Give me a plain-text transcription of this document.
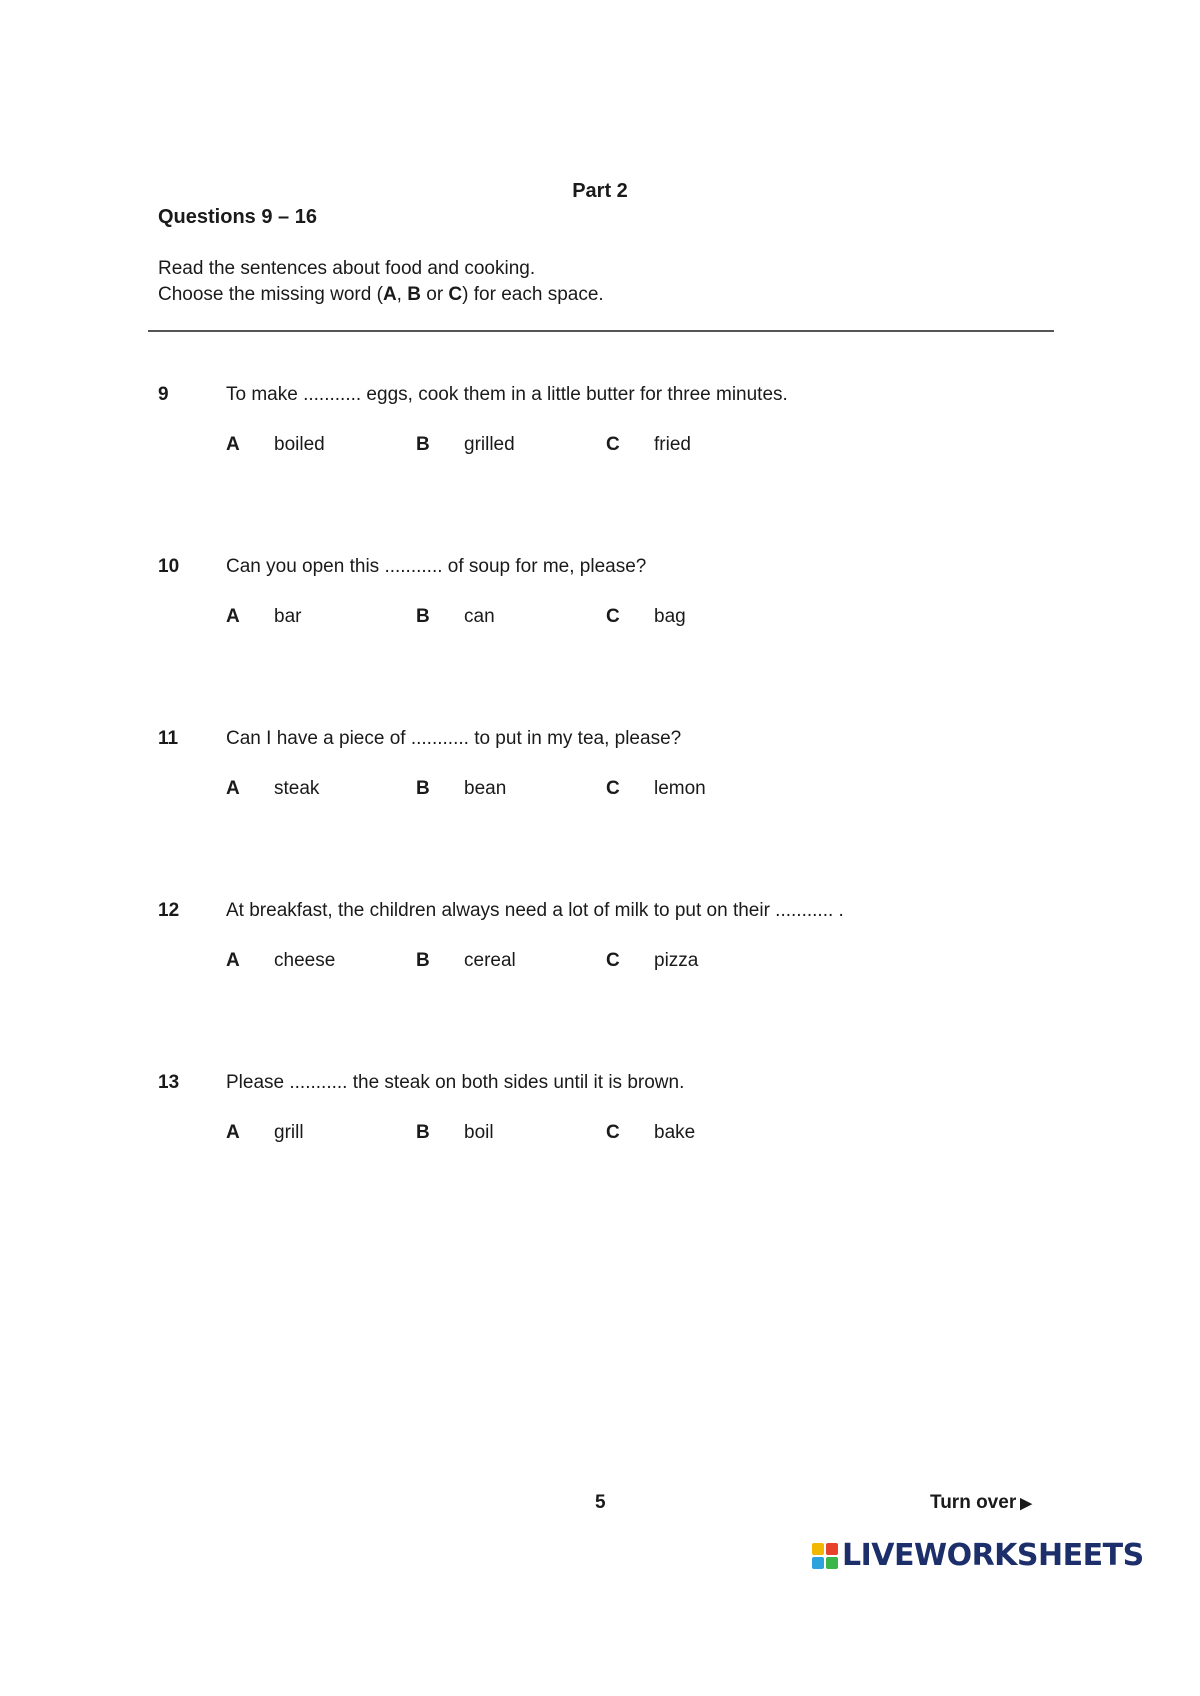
Part 2
Questions 9 – 16
Read the sentences about food and cooking.
Choose the missing word (A, B or C) for each space.
9	To make ........... eggs, cook them in a little butter for three minutes.
A boiled	B grilled	C fried
10 Can you open this ........... of soup for me, please?
A bar	B can	C bag
11	Can I have a piece of ........... to put in my tea, please?
A steak	B bean	C lemon
12 At breakfast, the children always need a lot of milk to put on their ........... .
A cheese	B cereal	C pizza
13 Please ........... the steak on both sides until it is brown.
A grill	B boil	C bake
5	Turn over ▶
LIVEWORKSHEETS
